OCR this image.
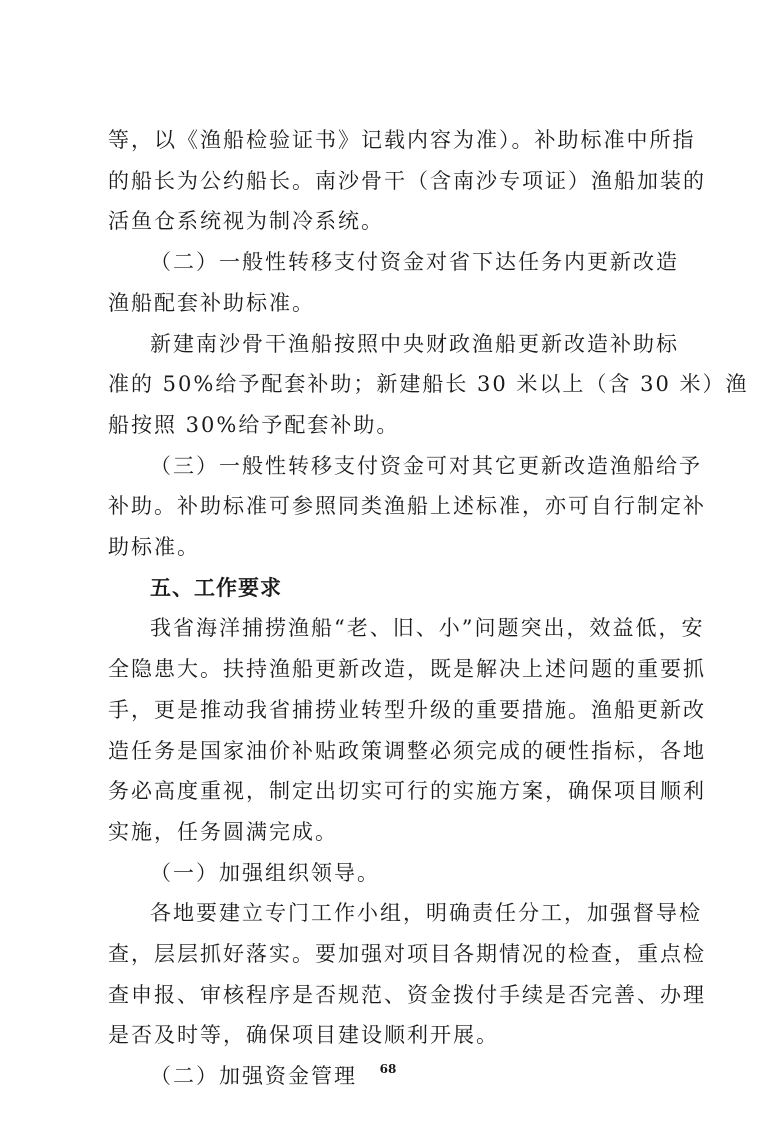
等，以《渔船检验证书》记载内容为准）。补助标准中所指
的船长为公约船长。南沙骨干（含南沙专项证）渔船加装的
活鱼仓系统视为制冷系统。
（二）一般性转移支付资金对省下达任务内更新改造
渔船配套补助标准。
新建南沙骨干渔船按照中央财政渔船更新改造补助标
准的 50%给予配套补助；新建船长 30 米以上（含 30 米）渔
船按照 30%给予配套补助。
（三）一般性转移支付资金可对其它更新改造渔船给予
补助。补助标准可参照同类渔船上述标准，亦可自行制定补
助标准。
五、工作要求
我省海洋捕捞渔船“老、旧、小”问题突出，效益低，安
全隐患大。扶持渔船更新改造，既是解决上述问题的重要抓
手，更是推动我省捕捞业转型升级的重要措施。渔船更新改
造任务是国家油价补贴政策调整必须完成的硬性指标，各地
务必高度重视，制定出切实可行的实施方案，确保项目顺利
实施，任务圆满完成。
（一）加强组织领导。
各地要建立专门工作小组，明确责任分工，加强督导检
查，层层抓好落实。要加强对项目各期情况的检查，重点检
查申报、审核程序是否规范、资金拨付手续是否完善、办理
是否及时等，确保项目建设顺利开展。
（二）加强资金管理	68
